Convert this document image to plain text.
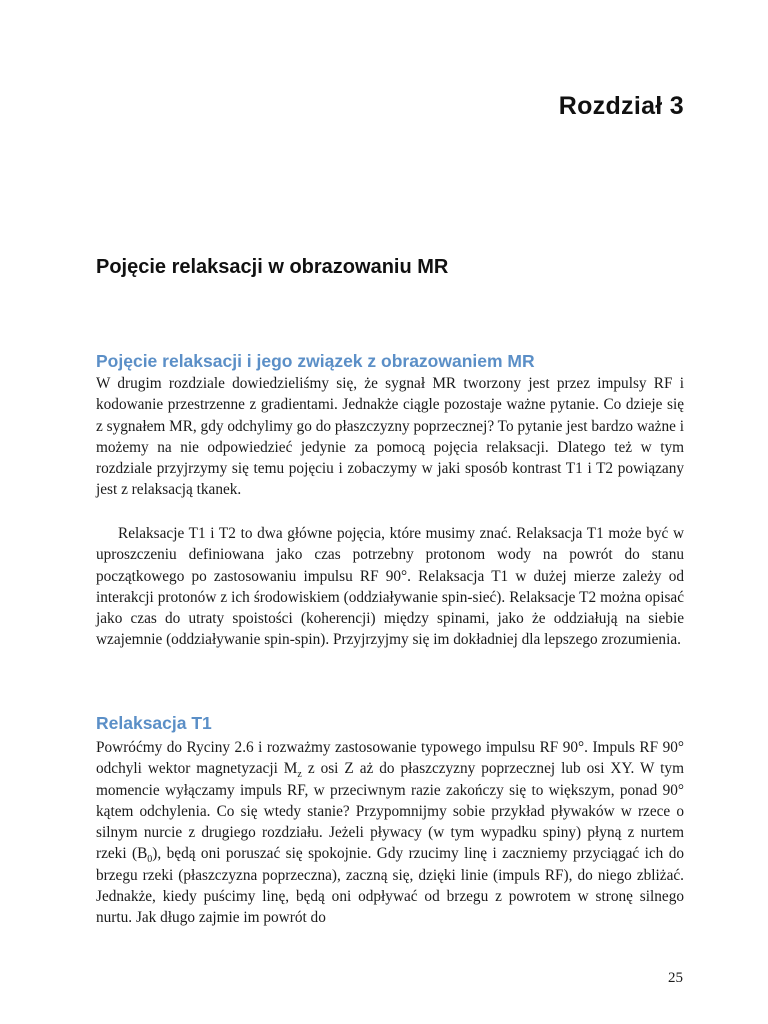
Rozdział 3
Pojęcie relaksacji w obrazowaniu MR
Pojęcie relaksacji i jego związek z obrazowaniem MR

W drugim rozdziale dowiedzieliśmy się, że sygnał MR tworzony jest przez impulsy RF i kodowanie przestrzenne z gradientami. Jednakże ciągle pozostaje ważne pytanie. Co dzieje się z sygnałem MR, gdy odchylimy go do płaszczyzny poprzecznej? To pytanie jest bardzo ważne i możemy na nie odpowiedzieć jedynie za pomocą pojęcia relaksacji. Dlatego też w tym rozdziale przyjrzymy się temu pojęciu i zobaczymy w jaki sposób kontrast T1 i T2 powiązany jest z relaksacją tkanek.

Relaksacje T1 i T2 to dwa główne pojęcia, które musimy znać. Relaksacja T1 może być w uproszczeniu definiowana jako czas potrzebny protonom wody na powrót do stanu początkowego po zastosowaniu impulsu RF 90°. Relaksacja T1 w dużej mierze zależy od interakcji protonów z ich środowiskiem (oddziaływanie spin-sieć). Relaksacje T2 można opisać jako czas do utraty spoistości (koherencji) między spinami, jako że oddziałują na siebie wzajemnie (oddziaływanie spin-spin). Przyjrzyjmy się im dokładniej dla lepszego zrozumienia.

Relaksacja T1

Powróćmy do Ryciny 2.6 i rozważmy zastosowanie typowego impulsu RF 90°. Impuls RF 90° odchyli wektor magnetyzacji $M_z$ z osi Z aż do płaszczyzny poprzecznej lub osi XY. W tym momencie wyłączamy impuls RF, w przeciwnym razie zakończy się to większym, ponad 90° kątem odchylenia. Co się wtedy stanie? Przypomnijmy sobie przykład pływaków w rzece o silnym nurcie z drugiego rozdziału. Jeżeli pływacy (w tym wypadku spiny) płyną z nurtem rzeki $(B_0)$, będą oni poruszać się spokojnie. Gdy rzucimy linę i zaczniemy przyciągać ich do brzegu rzeki (płaszczyzna poprzeczna), zaczną się, dzięki linie (impuls RF), do niego zbliżać. Jednakże, kiedy puścimy linę, będą oni odpływać od brzegu z powrotem w stronę silnego nurtu. Jak długo zajmie im powrót do

25
